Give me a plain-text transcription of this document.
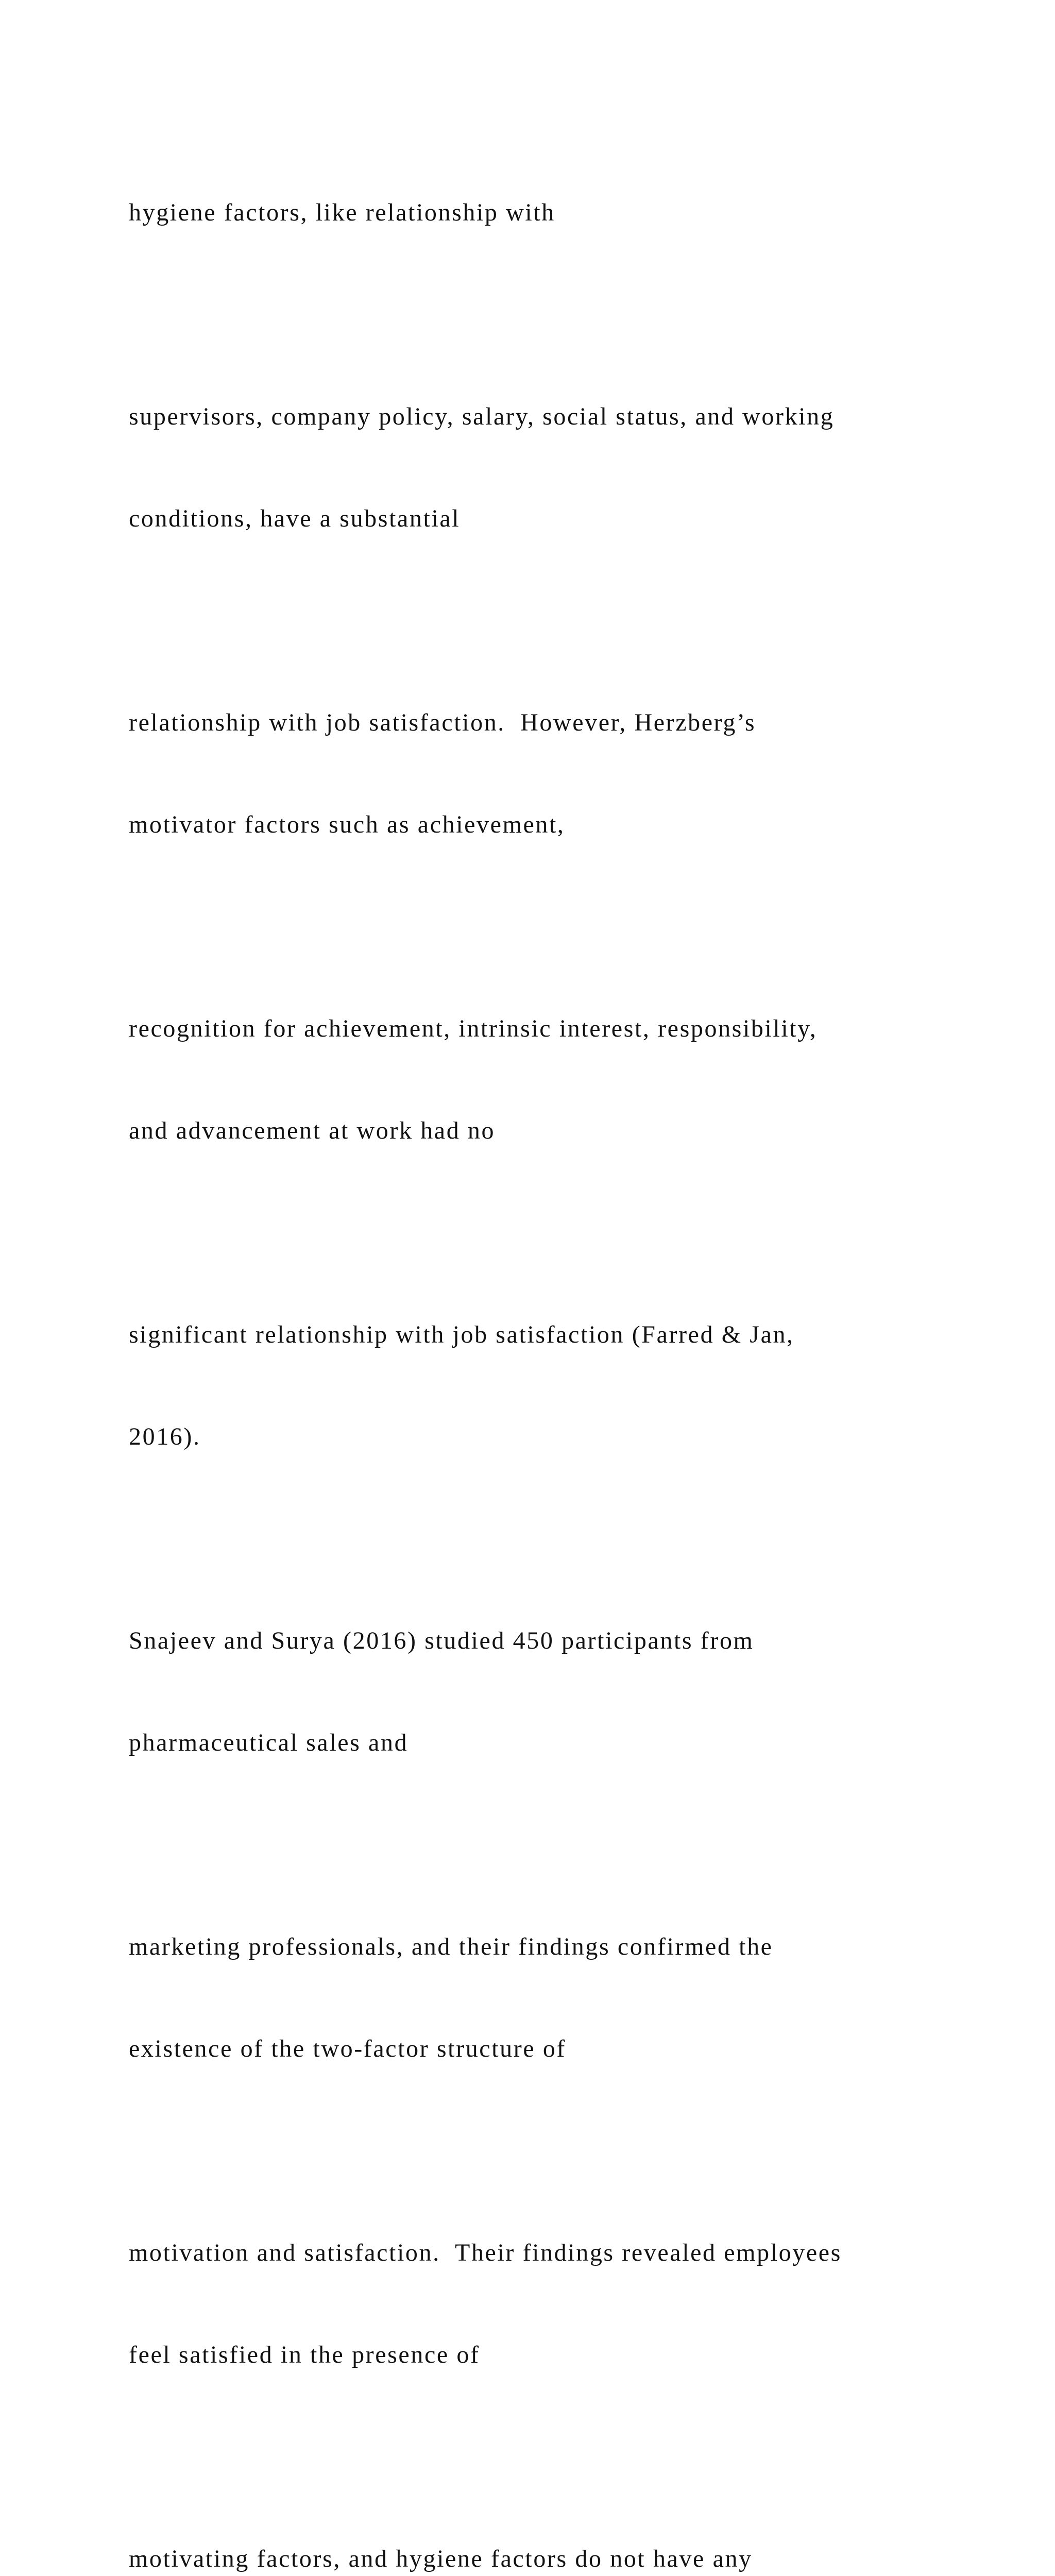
hygiene factors, like relationship with

supervisors, company policy, salary, social status, and working

conditions, have a substantial

relationship with job satisfaction.  However, Herzberg’s

motivator factors such as achievement,

recognition for achievement, intrinsic interest, responsibility,

and advancement at work had no

significant relationship with job satisfaction (Farred & Jan,

2016).

Snajeev and Surya (2016) studied 450 participants from

pharmaceutical sales and

marketing professionals, and their findings confirmed the

existence of the two-factor structure of

motivation and satisfaction.  Their findings revealed employees

feel satisfied in the presence of

motivating factors, and hygiene factors do not have any
